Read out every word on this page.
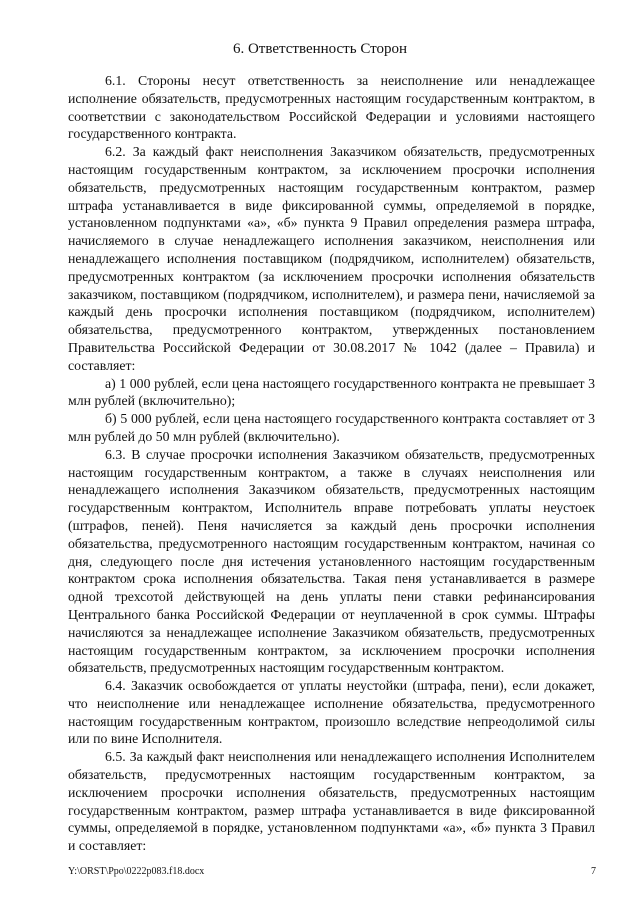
6. Ответственность Сторон

6.1. Стороны несут ответственность за неисполнение или ненадлежащее исполнение обязательств, предусмотренных настоящим государственным контрактом, в соответствии с законодательством Российской Федерации и условиями настоящего государственного контракта.

6.2. За каждый факт неисполнения Заказчиком обязательств, предусмотренных настоящим государственным контрактом, за исключением просрочки исполнения обязательств, предусмотренных настоящим государственным контрактом, размер штрафа устанавливается в виде фиксированной суммы, определяемой в порядке, установленном подпунктами «а», «б» пункта 9 Правил определения размера штрафа, начисляемого в случае ненадлежащего исполнения заказчиком, неисполнения или ненадлежащего исполнения поставщиком (подрядчиком, исполнителем) обязательств, предусмотренных контрактом (за исключением просрочки исполнения обязательств заказчиком, поставщиком (подрядчиком, исполнителем), и размера пени, начисляемой за каждый день просрочки исполнения поставщиком (подрядчиком, исполнителем) обязательства, предусмотренного контрактом, утвержденных постановлением Правительства Российской Федерации от 30.08.2017 № 1042 (далее – Правила) и составляет:

а) 1 000 рублей, если цена настоящего государственного контракта не превышает 3 млн рублей (включительно);

б) 5 000 рублей, если цена настоящего государственного контракта составляет от 3 млн рублей до 50 млн рублей (включительно).

6.3. В случае просрочки исполнения Заказчиком обязательств, предусмотренных настоящим государственным контрактом, а также в случаях неисполнения или ненадлежащего исполнения Заказчиком обязательств, предусмотренных настоящим государственным контрактом, Исполнитель вправе потребовать уплаты неустоек (штрафов, пеней). Пеня начисляется за каждый день просрочки исполнения обязательства, предусмотренного настоящим государственным контрактом, начиная со дня, следующего после дня истечения установленного настоящим государственным контрактом срока исполнения обязательства. Такая пеня устанавливается в размере одной трехсотой действующей на день уплаты пени ставки рефинансирования Центрального банка Российской Федерации от неуплаченной в срок суммы. Штрафы начисляются за ненадлежащее исполнение Заказчиком обязательств, предусмотренных настоящим государственным контрактом, за исключением просрочки исполнения обязательств, предусмотренных настоящим государственным контрактом.

6.4. Заказчик освобождается от уплаты неустойки (штрафа, пени), если докажет, что неисполнение или ненадлежащее исполнение обязательства, предусмотренного настоящим государственным контрактом, произошло вследствие непреодолимой силы или по вине Исполнителя.

6.5. За каждый факт неисполнения или ненадлежащего исполнения Исполнителем обязательств, предусмотренных настоящим государственным контрактом, за исключением просрочки исполнения обязательств, предусмотренных настоящим государственным контрактом, размер штрафа устанавливается в виде фиксированной суммы, определяемой в порядке, установленном подпунктами «а», «б» пункта 3 Правил и составляет:

Y:\ORST\Ppo\0222p083.f18.docx	7
